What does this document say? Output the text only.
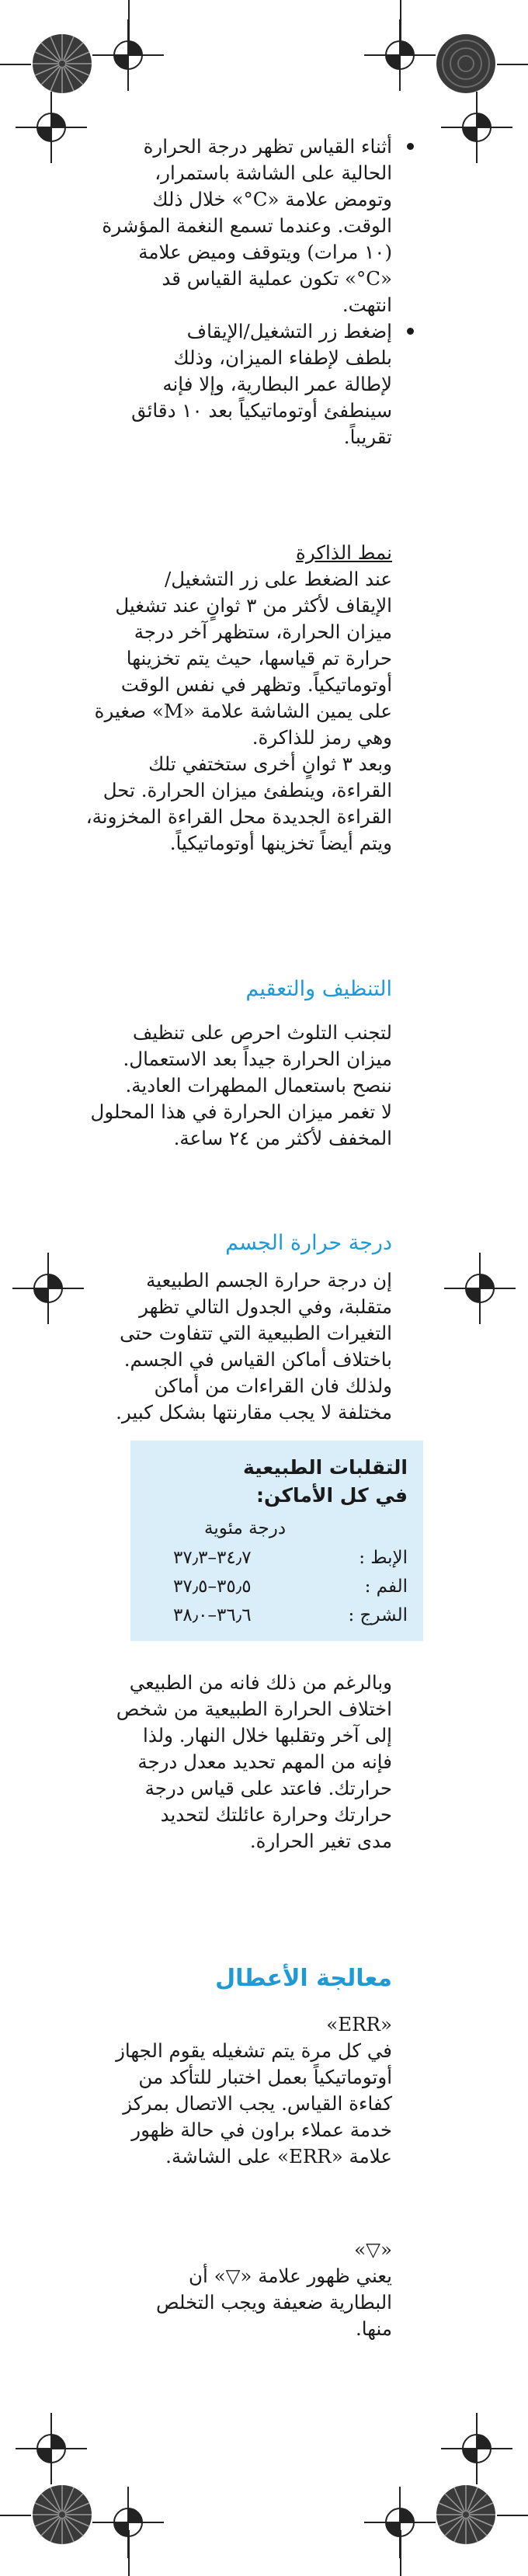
أثناء القياس تظهر درجة الحرارة
الحالية على الشاشة باستمرار،
وتومض علامة «C°» خلال ذلك
الوقت. وعندما تسمع النغمة المؤشرة
(١٠ مرات) ويتوقف وميض علامة
«C°» تكون عملية القياس قد
انتهت.
إضغط زر التشغيل/الإيقاف
بلطف لإطفاء الميزان، وذلك
لإطالة عمر البطارية، وإلا فإنه
سينطفئ أوتوماتيكياً بعد ١٠ دقائق
تقريباً.
نمط الذاكرة
عند الضغط على زر التشغيل/
الإيقاف لأكثر من ٣ ثوانٍ عند تشغيل
ميزان الحرارة، ستظهر آخر درجة
حرارة تم قياسها، حيث يتم تخزينها
أوتوماتيكياً. وتظهر في نفس الوقت
على يمين الشاشة علامة «M» صغيرة
وهي رمز للذاكرة.
وبعد ٣ ثوانٍ أخرى ستختفي تلك
القراءة، وينطفئ ميزان الحرارة. تحل
القراءة الجديدة محل القراءة المخزونة،
ويتم أيضاً تخزينها أوتوماتيكياً.
التنظيف والتعقيم
لتجنب التلوث احرص على تنظيف
ميزان الحرارة جيداً بعد الاستعمال.
ننصح باستعمال المطهرات العادية.
لا تغمر ميزان الحرارة في هذا المحلول
المخفف لأكثر من ٢٤ ساعة.
درجة حرارة الجسم
إن درجة حرارة الجسم الطبيعية
متقلبة، وفي الجدول التالي تظهر
التغيرات الطبيعية التي تتفاوت حتى
باختلاف أماكن القياس في الجسم.
ولذلك فان القراءات من أماكن
مختلفة لا يجب مقارنتها بشكل كبير.
التقلبات الطبيعية
في كل الأماكن:
درجة مئوية
الإبط :
٣٤٫٧–٣٧٫٣
الفم :
٣٥٫٥–٣٧٫٥
الشرج :
٣٦٫٦–٣٨٫٠
وبالرغم من ذلك فانه من الطبيعي
اختلاف الحرارة الطبيعية من شخص
إلى آخر وتقلبها خلال النهار. ولذا
فإنه من المهم تحديد معدل درجة
حرارتك. فاعتد على قياس درجة
حرارتك وحرارة عائلتك لتحديد
مدى تغير الحرارة.
معالجة الأعطال
«ERR»
في كل مرة يتم تشغيله يقوم الجهاز
أوتوماتيكياً بعمل اختبار للتأكد من
كفاءة القياس. يجب الاتصال بمركز
خدمة عملاء براون في حالة ظهور
علامة «ERR» على الشاشة.
«▽»
يعني ظهور علامة «▽» أن
البطارية ضعيفة ويجب التخلص
منها.
